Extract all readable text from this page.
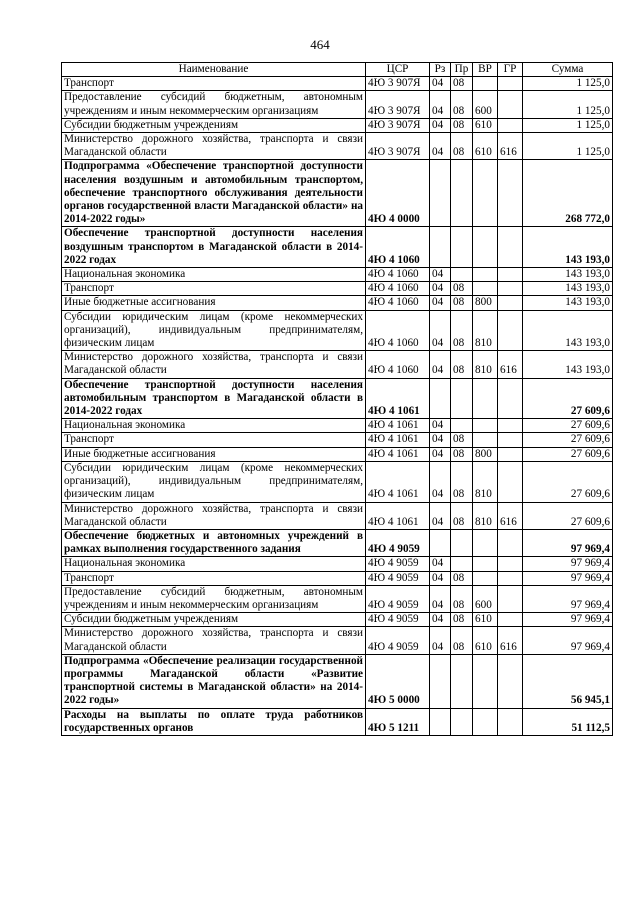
464
Наименование	ЦСР	Рз	Пр	ВР	ГР	Сумма
Транспорт	4Ю 3 907Я	04	08			1 125,0
Предоставление субсидий бюджетным, автономным учреждениям и иным некоммерческим организациям	4Ю 3 907Я	04	08	600		1 125,0
Субсидии бюджетным учреждениям	4Ю 3 907Я	04	08	610		1 125,0
Министерство дорожного хозяйства, транспорта и связи Магаданской области	4Ю 3 907Я	04	08	610	616	1 125,0
Подпрограмма «Обеспечение транспортной доступности населения воздушным и автомобильным транспортом, обеспечение транспортного обслуживания деятельности органов государственной власти Магаданской области» на 2014-2022 годы»	4Ю 4 0000					268 772,0
Обеспечение транспортной доступности населения воздушным транспортом в Магаданской области в 2014-2022 годах	4Ю 4 1060					143 193,0
Национальная экономика	4Ю 4 1060	04				143 193,0
Транспорт	4Ю 4 1060	04	08			143 193,0
Иные бюджетные ассигнования	4Ю 4 1060	04	08	800		143 193,0
Субсидии юридическим лицам (кроме некоммерческих организаций), индивидуальным предпринимателям, физическим лицам	4Ю 4 1060	04	08	810		143 193,0
Министерство дорожного хозяйства, транспорта и связи Магаданской области	4Ю 4 1060	04	08	810	616	143 193,0
Обеспечение транспортной доступности населения автомобильным транспортом в Магаданской области в 2014-2022 годах	4Ю 4 1061					27 609,6
Национальная экономика	4Ю 4 1061	04				27 609,6
Транспорт	4Ю 4 1061	04	08			27 609,6
Иные бюджетные ассигнования	4Ю 4 1061	04	08	800		27 609,6
Субсидии юридическим лицам (кроме некоммерческих организаций), индивидуальным предпринимателям, физическим лицам	4Ю 4 1061	04	08	810		27 609,6
Министерство дорожного хозяйства, транспорта и связи Магаданской области	4Ю 4 1061	04	08	810	616	27 609,6
Обеспечение бюджетных и автономных учреждений в рамках выполнения государственного задания	4Ю 4 9059					97 969,4
Национальная экономика	4Ю 4 9059	04				97 969,4
Транспорт	4Ю 4 9059	04	08			97 969,4
Предоставление субсидий бюджетным, автономным учреждениям и иным некоммерческим организациям	4Ю 4 9059	04	08	600		97 969,4
Субсидии бюджетным учреждениям	4Ю 4 9059	04	08	610		97 969,4
Министерство дорожного хозяйства, транспорта и связи Магаданской области	4Ю 4 9059	04	08	610	616	97 969,4
Подпрограмма «Обеспечение реализации государственной программы Магаданской области «Развитие транспортной системы в Магаданской области» на 2014-2022 годы»	4Ю 5 0000					56 945,1
Расходы на выплаты по оплате труда работников государственных органов	4Ю 5 1211					51 112,5
